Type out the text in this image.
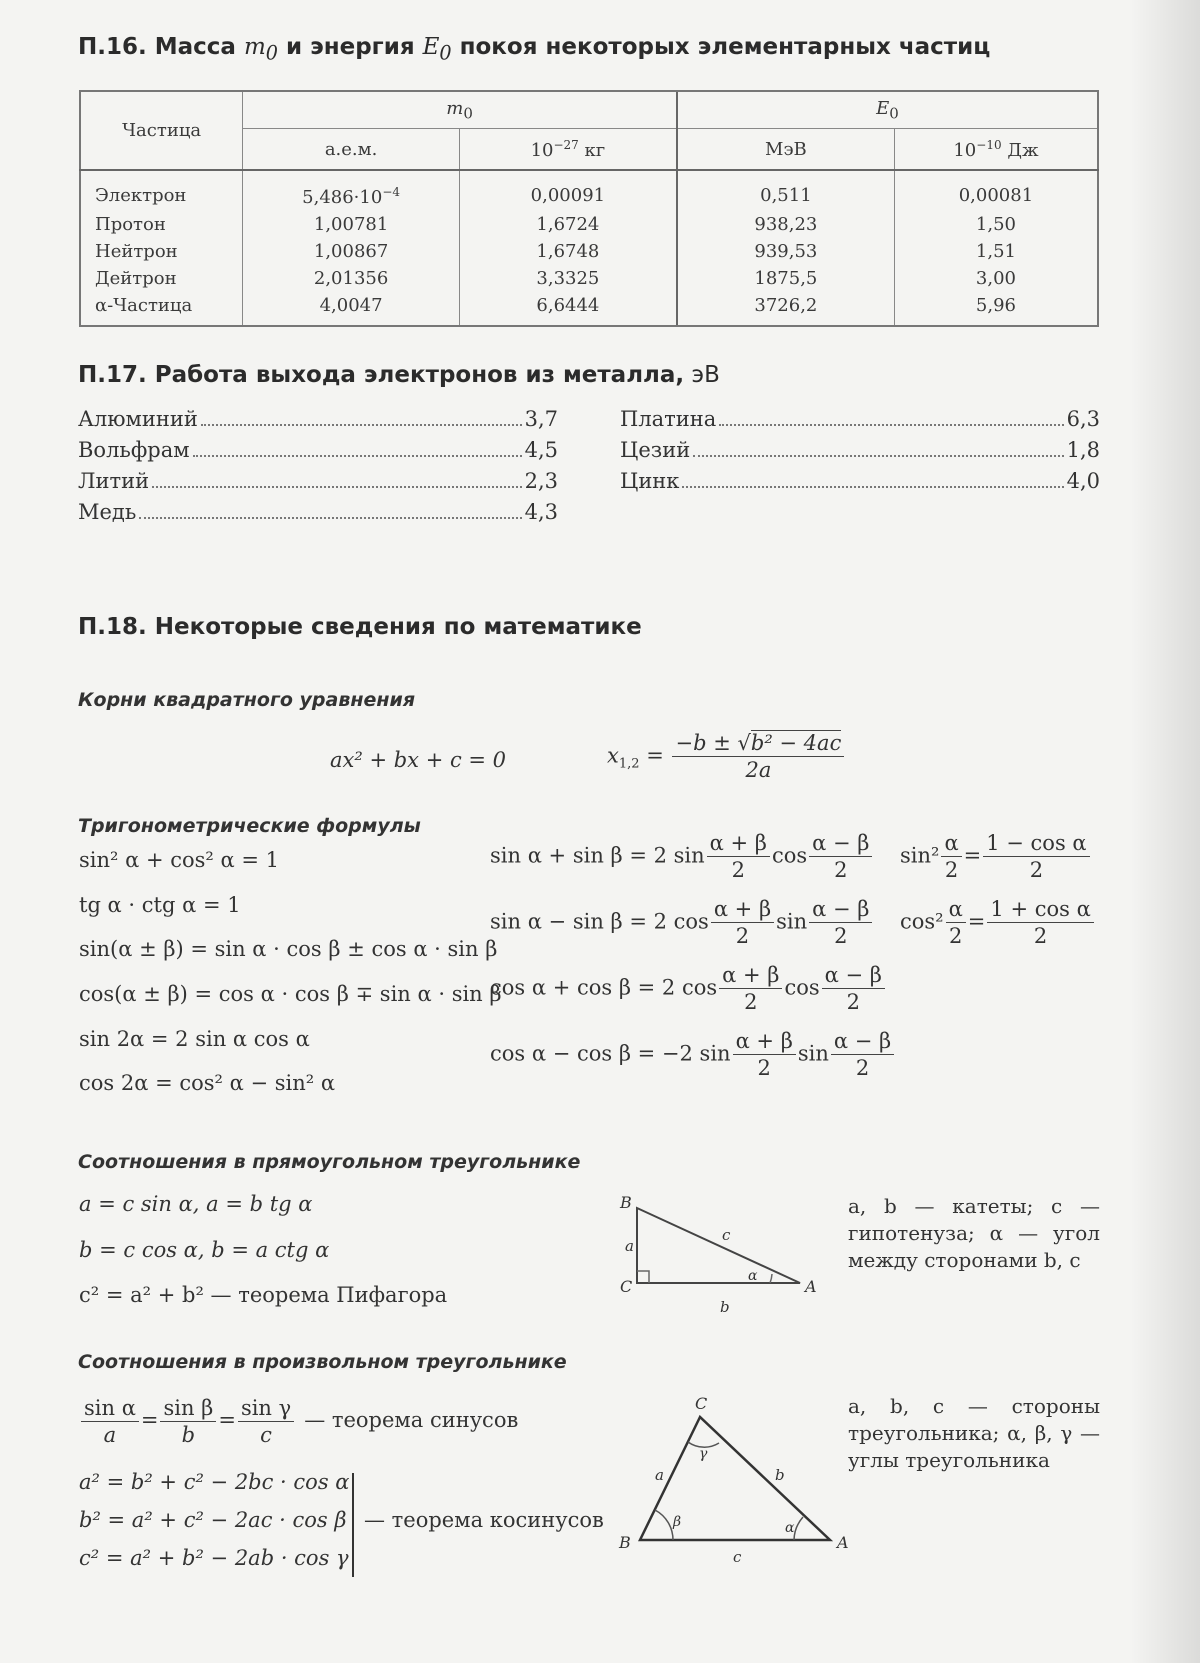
П.16. Масса $m_0$ и энергия $E_0$ покоя некоторых элементарных частиц
Частица	$m_0$		$E_0$
	а.е.м.	$10^{-27}$ кг	МэВ	$10^{-10}$ Дж
Электрон	$5,486\cdot 10^{-4}$	0,00091	0,511	0,00081
Протон	1,00781	1,6724	938,23	1,50
Нейтрон	1,00867	1,6748	939,53	1,51
Дейтрон	2,01356	3,3325	1875,5	3,00
α-Частица	4,0047	6,6444	3726,2	5,96
П.17. Работа выхода электронов из металла, эВ
Алюминий	3,7
Вольфрам	4,5
Литий	2,3
Медь	4,3
Платина	6,3
Цезий	1,8
Цинк	4,0
П.18. Некоторые сведения по математике
Корни квадратного уравнения
ax² + bx + c = 0	$x_{1,2} = \frac{\text{−b ± √b² − 4ac}}{2a}$
Тригонометрические формулы
sin² α + cos² α = 1
tg α · ctg α = 1
sin(α ± β) = sin α · cos β ± cos α · sin β
cos(α ± β) = cos α · cos β ∓ sin α · sin β
sin 2α = 2 sin α cos α
cos 2α = cos² α − sin² α
sin α + sin β = 2 $\sin \frac{\alpha + \beta}{2}$ $\cos \frac{\alpha - \beta}{2}$
sin α − sin β = 2 $\cos \frac{\alpha + \beta}{2}$ $\sin \frac{\alpha - \beta}{2}$
cos α + cos β = 2 $\cos \frac{\alpha + \beta}{2}$ $\cos \frac{\alpha - \beta}{2}$
cos α − cos β = −2 $\sin \frac{\alpha + \beta}{2}$ $\sin \frac{\alpha - \beta}{2}$
$\sin^2 \frac{\alpha}{2} = \frac{\text{1 − cos α}}{2}$
$\cos^2 \frac{\alpha}{2} = \frac{\text{1 + cos α}}{2}$
Соотношения в прямоугольном треугольнике
a = c sin α, a = b tg α
b = c cos α, b = a ctg α
c² = a² + b² — теорема Пифагора
B
C	A
a
b
c
α
a, b — катеты; c — гипотенуза; α — угол между сторонами b, c
Соотношения в произвольном треугольнике
$\frac{\text{sin α}}{a} = \frac{\text{sin β}}{b} = \frac{\text{sin γ}}{c}$ — теорема синусов
a² = b² + c² − 2bc · cos α
b² = a² + c² − 2ac · cos β
c² = a² + b² − 2ab · cos γ
— теорема косинусов
C
B	A
a	b
c
γ
β	α
a, b, c — стороны треугольника; α, β, γ — углы треугольника
